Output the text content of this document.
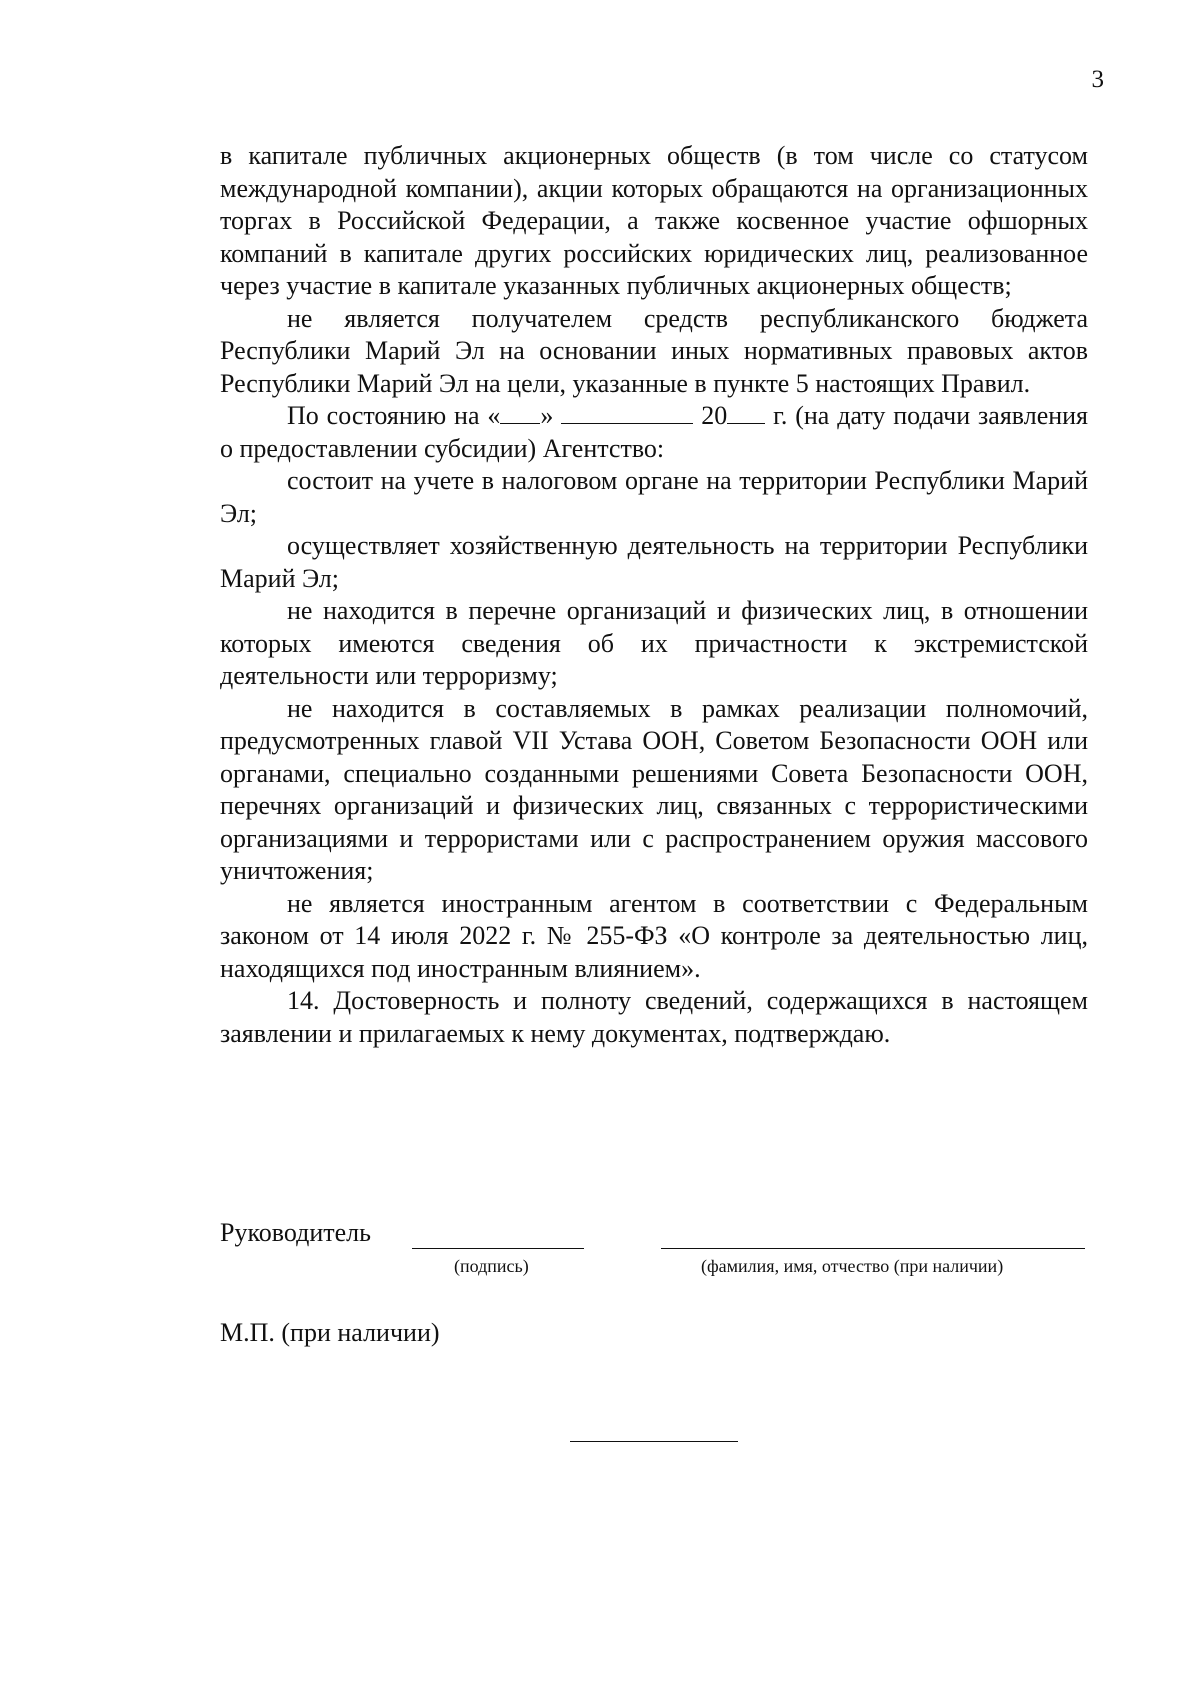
3

в капитале публичных акционерных обществ (в том числе со статусом международной компании), акции которых обращаются на организационных торгах в Российской Федерации, а также косвенное участие офшорных компаний в капитале других российских юридических лиц, реализованное через участие в капитале указанных публичных акционерных обществ;

не является получателем средств республиканского бюджета Республики Марий Эл на основании иных нормативных правовых актов Республики Марий Эл на цели, указанные в пункте 5 настоящих Правил.

По состоянию на « »	20 г. (на дату подачи заявления о предоставлении субсидии) Агентство:

состоит на учете в налоговом органе на территории Республики Марий Эл;

осуществляет хозяйственную деятельность на территории Республики Марий Эл;

не находится в перечне организаций и физических лиц, в отношении которых имеются сведения об их причастности к экстремистской деятельности или терроризму;

не находится в составляемых в рамках реализации полномочий, предусмотренных главой VII Устава ООН, Советом Безопасности ООН или органами, специально созданными решениями Совета Безопасности ООН, перечнях организаций и физических лиц, связанных с террористическими организациями и террористами или с распространением оружия массового уничтожения;

не является иностранным агентом в соответствии с Федеральным законом от 14 июля 2022 г. № 255-ФЗ «О контроле за деятельностью лиц, находящихся под иностранным влиянием».

14. Достоверность и полноту сведений, содержащихся в настоящем заявлении и прилагаемых к нему документах, подтверждаю.

Руководитель
(подпись)	(фамилия, имя, отчество (при наличии)
М.П. (при наличии)
